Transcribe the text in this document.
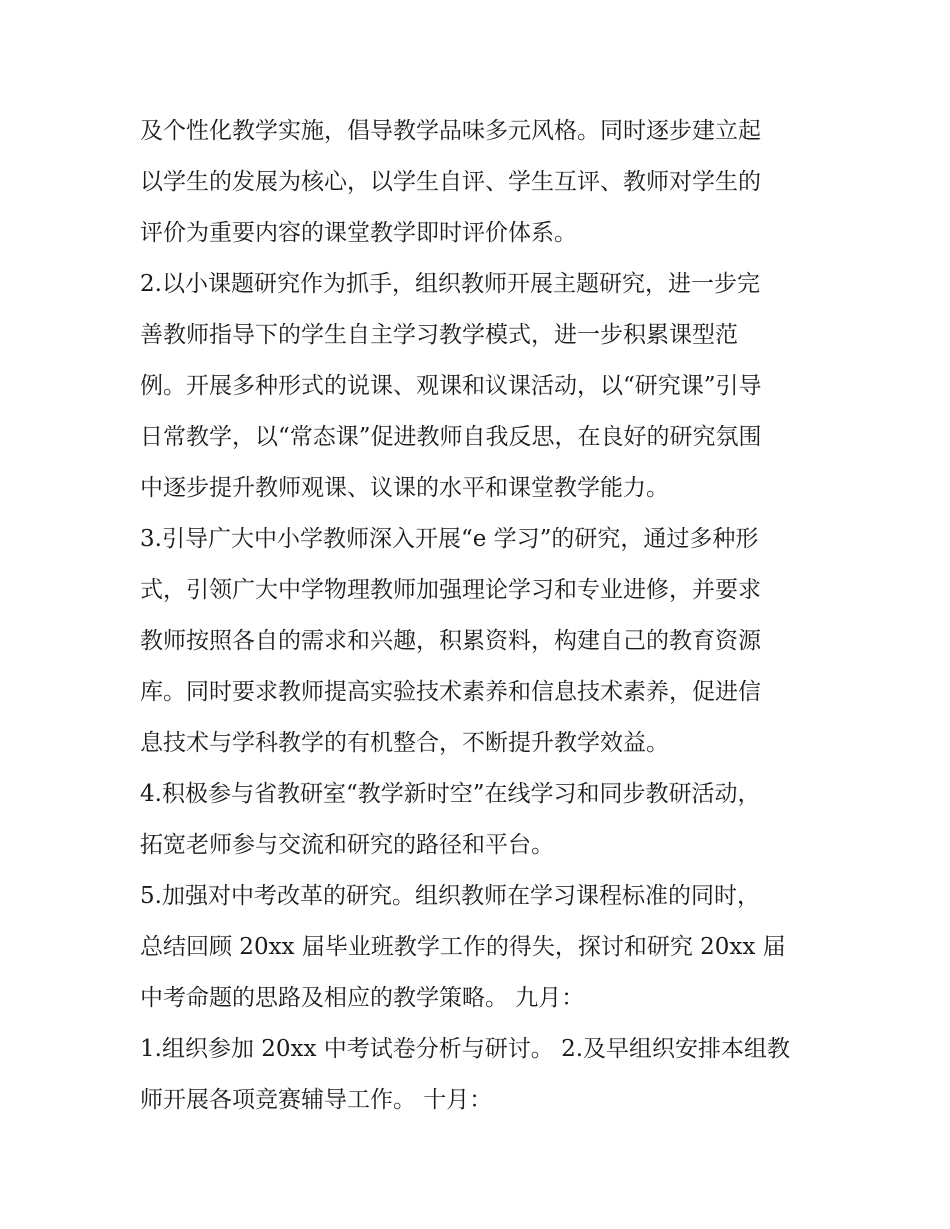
及个性化教学实施，倡导教学品味多元风格。同时逐步建立起
以学生的发展为核心，以学生自评、学生互评、教师对学生的
评价为重要内容的课堂教学即时评价体系。
2.以小课题研究作为抓手，组织教师开展主题研究，进一步完
善教师指导下的学生自主学习教学模式，进一步积累课型范
例。开展多种形式的说课、观课和议课活动，以“研究课”引导
日常教学，以“常态课”促进教师自我反思，在良好的研究氛围
中逐步提升教师观课、议课的水平和课堂教学能力。
3.引导广大中小学教师深入开展“e 学习”的研究，通过多种形
式，引领广大中学物理教师加强理论学习和专业进修，并要求
教师按照各自的需求和兴趣，积累资料，构建自己的教育资源
库。同时要求教师提高实验技术素养和信息技术素养，促进信
息技术与学科教学的有机整合，不断提升教学效益。
4.积极参与省教研室“教学新时空”在线学习和同步教研活动，
拓宽老师参与交流和研究的路径和平台。
5.加强对中考改革的研究。组织教师在学习课程标准的同时，
总结回顾 20xx 届毕业班教学工作的得失，探讨和研究 20xx 届
中考命题的思路及相应的教学策略。 九月：
1.组织参加 20xx 中考试卷分析与研讨。 2.及早组织安排本组教
师开展各项竞赛辅导工作。 十月：
